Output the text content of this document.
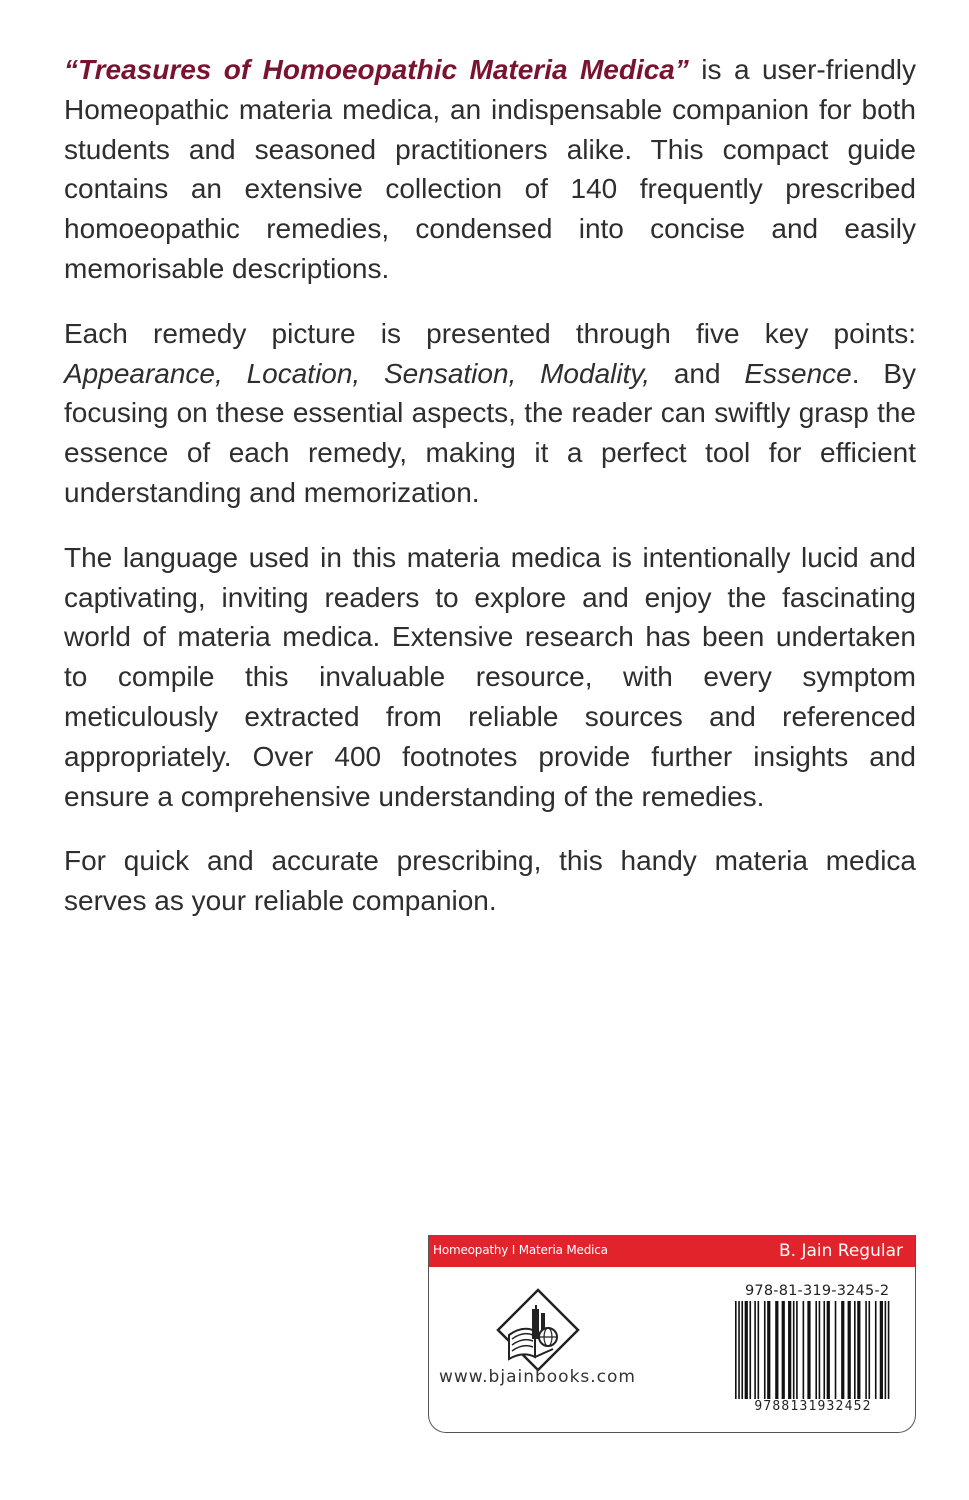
“Treasures of Homoeopathic Materia Medica” is a user-friendly Homeopathic materia medica, an indispensable companion for both students and seasoned practitioners alike. This compact guide contains an extensive collection of 140 frequently prescribed homoeopathic remedies, condensed into concise and easily memorisable descriptions.

Each remedy picture is presented through five key points: Appearance, Location, Sensation, Modality, and Essence. By focusing on these essential aspects, the reader can swiftly grasp the essence of each remedy, making it a perfect tool for efficient understanding and memorization.

The language used in this materia medica is intentionally lucid and captivating, inviting readers to explore and enjoy the fascinating world of materia medica. Extensive research has been undertaken to compile this invaluable resource, with every symptom meticulously extracted from reliable sources and referenced appropriately. Over 400 footnotes provide further insights and ensure a comprehensive understanding of the remedies.

For quick and accurate prescribing, this handy materia medica serves as your reliable companion.

Homeopathy I Materia Medica	B. Jain Regular
www.bjainbooks.com
978-81-319-3245-2
9788131932452
